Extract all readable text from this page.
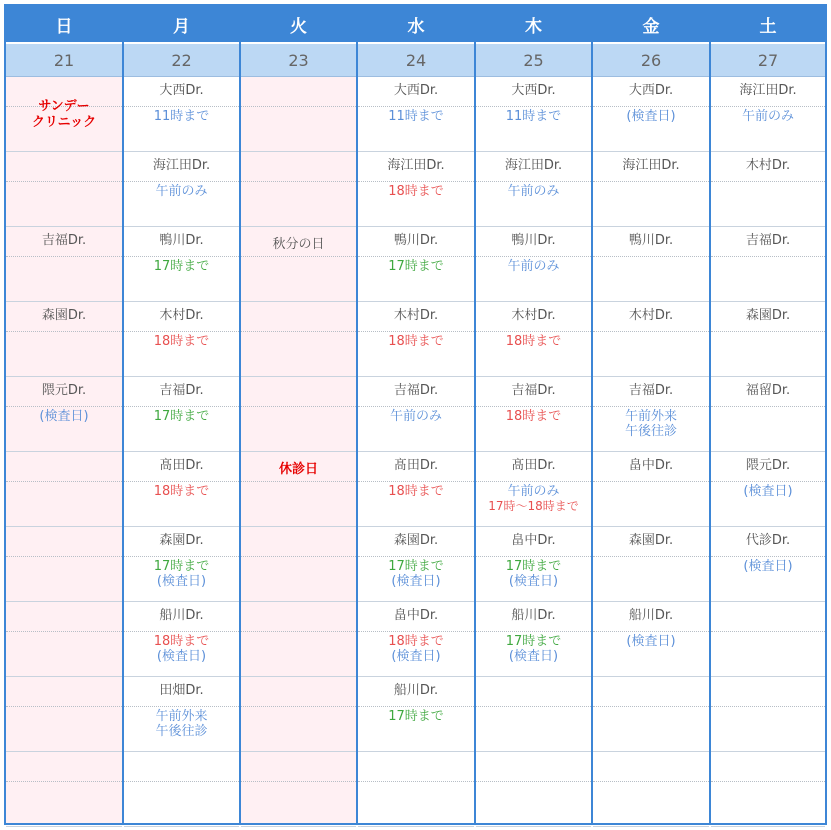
日
21
吉福Dr.
森園Dr.
隈元Dr.
(検査日)
サンデー
クリニック
月
22
大西Dr.
11時まで
海江田Dr.
午前のみ
鴨川Dr.
17時まで
木村Dr.
18時まで
吉福Dr.
17時まで
髙田Dr.
18時まで
森園Dr.
17時まで
(検査日)
船川Dr.
18時まで
(検査日)
田畑Dr.
午前外来
午後往診
火
23
秋分の日
休診日
水
24
大西Dr.
11時まで
海江田Dr.
18時まで
鴨川Dr.
17時まで
木村Dr.
18時まで
吉福Dr.
午前のみ
髙田Dr.
18時まで
森園Dr.
17時まで
(検査日)
畠中Dr.
18時まで
(検査日)
船川Dr.
17時まで
木
25
大西Dr.
11時まで
海江田Dr.
午前のみ
鴨川Dr.
午前のみ
木村Dr.
18時まで
吉福Dr.
18時まで
髙田Dr.
午前のみ
17時～18時まで
畠中Dr.
17時まで
(検査日)
船川Dr.
17時まで
(検査日)
金
26
大西Dr.
(検査日)
海江田Dr.
鴨川Dr.
木村Dr.
吉福Dr.
午前外来
午後往診
畠中Dr.
森園Dr.
船川Dr.
(検査日)
土
27
海江田Dr.
午前のみ
木村Dr.
吉福Dr.
森園Dr.
福留Dr.
隈元Dr.
(検査日)
代診Dr.
(検査日)
